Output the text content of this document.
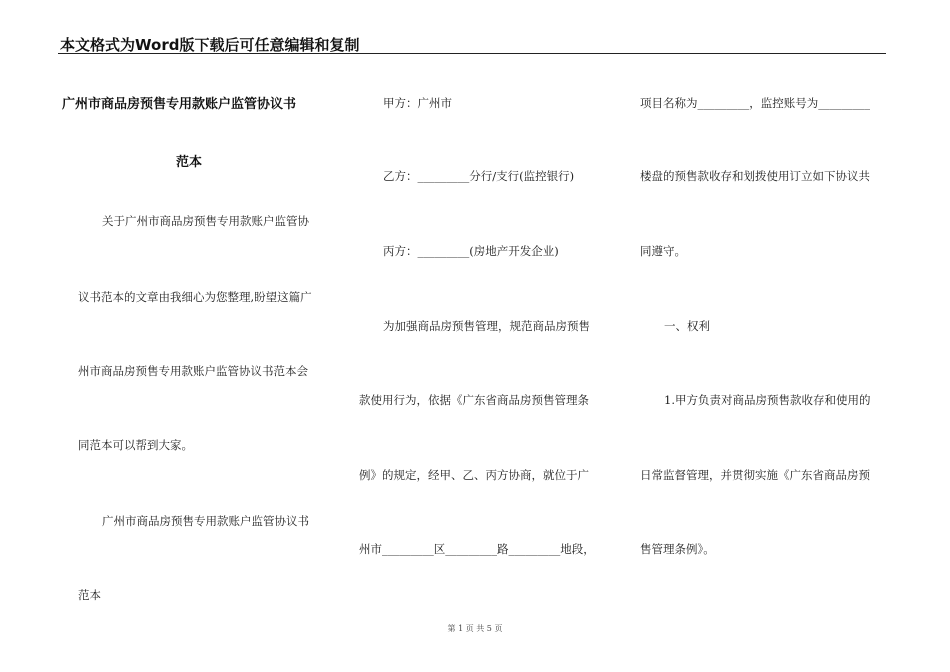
本文格式为Word版下载后可任意编辑和复制
广州市商品房预售专用款账户监管协议书
范本
关于广州市商品房预售专用款账户监管协
议书范本的文章由我细心为您整理,盼望这篇广
州市商品房预售专用款账户监管协议书范本会
同范本可以帮到大家。
广州市商品房预售专用款账户监管协议书
范本
甲方：广州市
乙方：_________分行/支行(监控银行)
丙方：_________(房地产开发企业)
为加强商品房预售管理，规范商品房预售
款使用行为，依据《广东省商品房预售管理条
例》的规定，经甲、乙、丙方协商，就位于广
州市_________区_________路_________地段，
项目名称为_________，监控账号为_________
楼盘的预售款收存和划拨使用订立如下协议共
同遵守。
一、权利
1.甲方负责对商品房预售款收存和使用的
日常监督管理，并贯彻实施《广东省商品房预
售管理条例》。
第 1 页 共 5 页
